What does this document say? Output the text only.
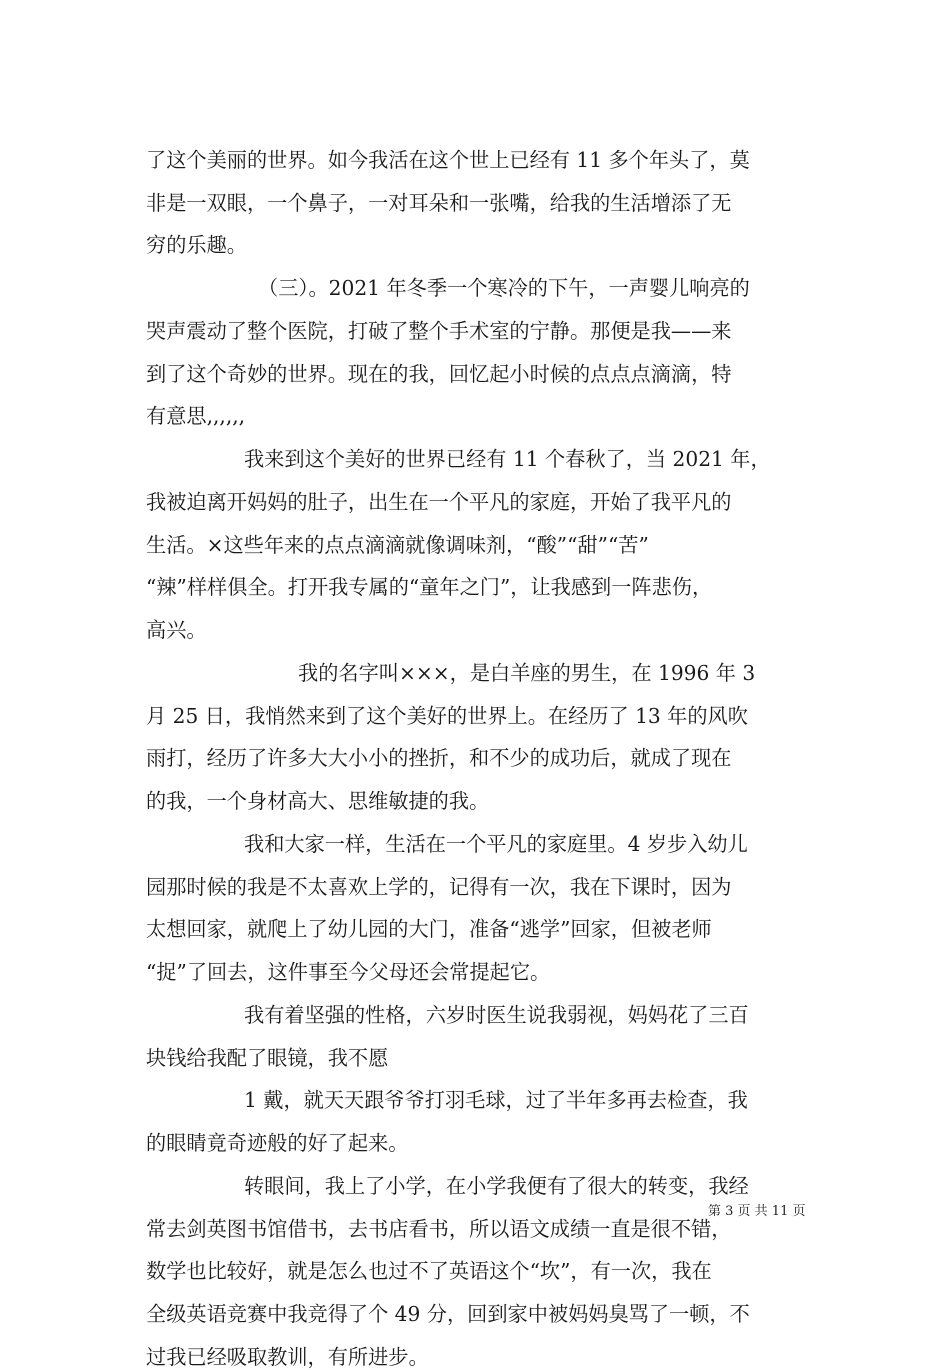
了这个美丽的世界。如今我活在这个世上已经有 11 多个年头了，莫
非是一双眼，一个鼻子，一对耳朵和一张嘴，给我的生活增添了无
穷的乐趣。
（三）。2021 年冬季一个寒冷的下午，一声婴儿响亮的
哭声震动了整个医院，打破了整个手术室的宁静。那便是我——来
到了这个奇妙的世界。现在的我，回忆起小时候的点点点滴滴，特
有意思,,,,,,
我来到这个美好的世界已经有 11 个春秋了，当 2021 年，
我被迫离开妈妈的肚子，出生在一个平凡的家庭，开始了我平凡的
生活。×这些年来的点点滴滴就像调味剂，“酸”“甜”“苦”
“辣”样样俱全。打开我专属的“童年之门”，让我感到一阵悲伤，
高兴。
我的名字叫×××，是白羊座的男生，在 1996 年 3
月 25 日，我悄然来到了这个美好的世界上。在经历了 13 年的风吹
雨打，经历了许多大大小小的挫折，和不少的成功后，就成了现在
的我，一个身材高大、思维敏捷的我。
我和大家一样，生活在一个平凡的家庭里。4 岁步入幼儿
园那时候的我是不太喜欢上学的，记得有一次，我在下课时，因为
太想回家，就爬上了幼儿园的大门，准备“逃学”回家，但被老师
“捉”了回去，这件事至今父母还会常提起它。
我有着坚强的性格，六岁时医生说我弱视，妈妈花了三百
块钱给我配了眼镜，我不愿
1 戴，就天天跟爷爷打羽毛球，过了半年多再去检查，我
的眼睛竟奇迹般的好了起来。
转眼间，我上了小学，在小学我便有了很大的转变，我经
常去剑英图书馆借书，去书店看书，所以语文成绩一直是很不错，
数学也比较好，就是怎么也过不了英语这个“坎”，有一次，我在
全级英语竞赛中我竞得了个 49 分，回到家中被妈妈臭骂了一顿，不
过我已经吸取教训，有所进步。
第 3 页 共 11 页
